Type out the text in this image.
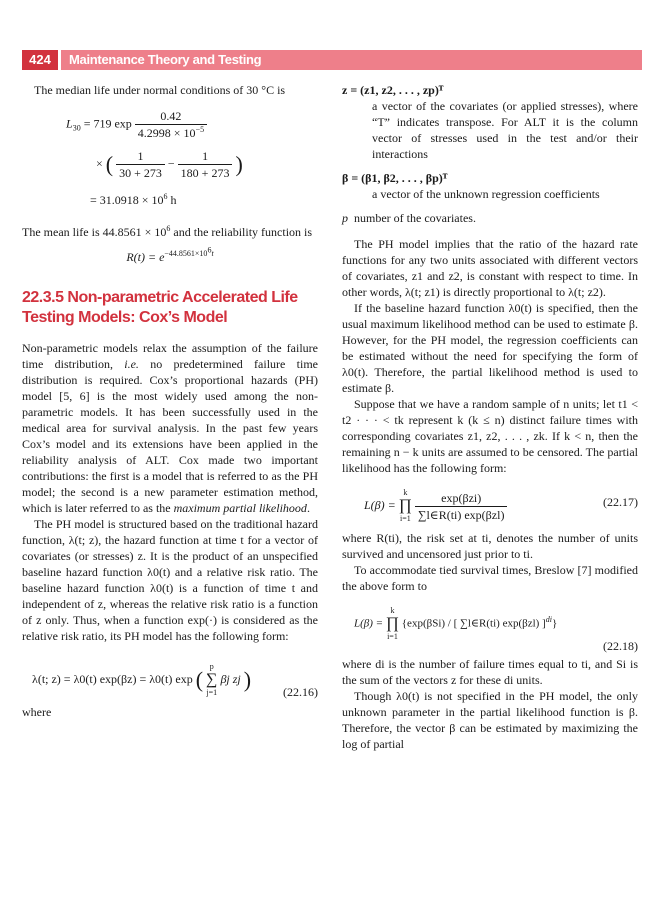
424	Maintenance Theory and Testing

The median life under normal conditions of 30 °C is

$L_{30} = 719$ $\exp \frac{0.42}{4.2998 \times 10^{-5}}$
× ( $\frac{1}{30 + 273} - \frac{1}{180 + 273}$ )
= $31.0918 \times 10^6$ h

The mean life is $44.8561 \times 10^6$ and the reliability function is

$R(t) = e^{-44.8561\times 10^6t}$
22.3.5 Non-parametric Accelerated Life Testing Models: Cox’s Model

Non-parametric models relax the assumption of the failure time distribution, i.e. no predetermined failure time distribution is required. Cox’s proportional hazards (PH) model [5, 6] is the most widely used among the non-parametric models. It has been successfully used in the medical area for survival analysis. In the past few years Cox’s model and its extensions have been applied in the reliability analysis of ALT. Cox made two important contributions: the first is a model that is referred to as the PH model; the second is a new parameter estimation method, which is later referred to as the maximum partial likelihood.

The PH model is structured based on the traditional hazard function, λ(t; z), the hazard function at time t for a vector of covariates (or stresses) z. It is the product of an unspecified baseline hazard function λ0(t) and a relative risk ratio. The baseline hazard function λ0(t) is a function of time t and independent of z, whereas the relative risk ratio is a function of z only. Thus, when a function exp(·) is considered as the relative risk ratio, its PH model has the following form:

λ(t; z) = λ0(t) exp(βz) = λ0(t) exp (
p
∑
j=1
βj zj )	(22.16)

where

z = (z1, z2, . . . , zp)ᵀ

a vector of the covariates (or applied stresses), where “T” indicates transpose. For ALT it is the column vector of stresses used in the test and/or their interactions

β = (β1, β2, . . . , βp)ᵀ

a vector of the unknown regression coefficients

p number of the covariates.

The PH model implies that the ratio of the hazard rate functions for any two units associated with different vectors of covariates, z1 and z2, is constant with respect to time. In other words, λ(t; z1) is directly proportional to λ(t; z2).

If the baseline hazard function λ0(t) is specified, then the usual maximum likelihood method can be used to estimate β. However, for the PH model, the regression coefficients can be estimated without the need for specifying the form of λ0(t). Therefore, the partial likelihood method is used to estimate β.

Suppose that we have a random sample of n units; let t1 < t2 · · · < tk represent k (k ≤ n) distinct failure times with corresponding covariates z1, z2, . . . , zk. If k < n, then the remaining n − k units are assumed to be censored. The partial likelihood has the following form:

L(β) =
k
∏
i=1
$\frac{\text{exp(βzi)}}{\text{∑l∈R(ti) exp(βzl)}}$	(22.17)

where R(ti), the risk set at ti, denotes the number of units survived and uncensored just prior to ti.

To accommodate tied survival times, Breslow [7] modified the above form to

L(β) =
k
∏
i=1
{exp(βSi) / [ ∑l∈R(ti) exp(βzl) ]$^{di}$}
(22.18)

where di is the number of failure times equal to ti, and Si is the sum of the vectors z for these di units.

Though λ0(t) is not specified in the PH model, the only unknown parameter in the partial likelihood function is β. Therefore, the vector β can be estimated by maximizing the log of partial
